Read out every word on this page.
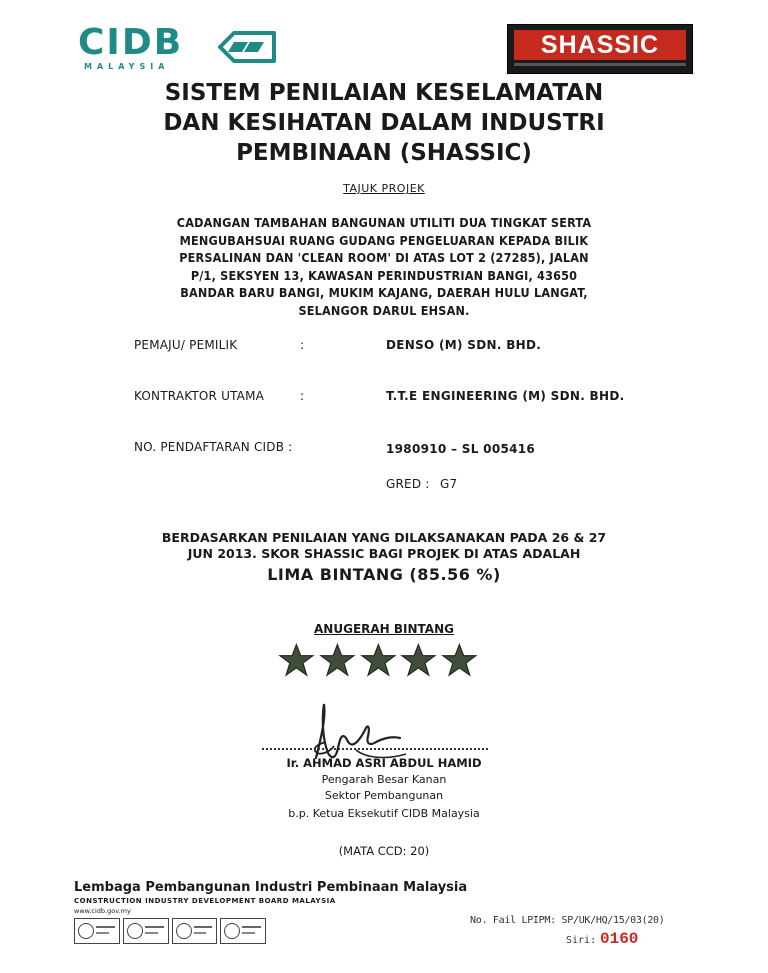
CIDB
MALAYSIA
SHASSIC
SISTEM PENILAIAN KESELAMATAN
DAN KESIHATAN DALAM INDUSTRI
PEMBINAAN (SHASSIC)
TAJUK PROJEK
CADANGAN TAMBAHAN BANGUNAN UTILITI DUA TINGKAT SERTA
MENGUBAHSUAI RUANG GUDANG PENGELUARAN KEPADA BILIK
PERSALINAN DAN 'CLEAN ROOM' DI ATAS LOT 2 (27285), JALAN
P/1, SEKSYEN 13, KAWASAN PERINDUSTRIAN BANGI, 43650
BANDAR BARU BANGI, MUKIM KAJANG, DAERAH HULU LANGAT,
SELANGOR DARUL EHSAN.
PEMAJU/ PEMILIK	:	DENSO (M) SDN. BHD.
KONTRAKTOR UTAMA	:	T.T.E ENGINEERING (M) SDN. BHD.
NO. PENDAFTARAN CIDB :	1980910 – SL 005416
GRED : G7
BERDASARKAN PENILAIAN YANG DILAKSANAKAN PADA 26 & 27
JUN 2013. SKOR SHASSIC BAGI PROJEK DI ATAS ADALAH
LIMA BINTANG (85.56 %)
ANUGERAH BINTANG
Ir. AHMAD ASRI ABDUL HAMID
Pengarah Besar Kanan
Sektor Pembangunan
b.p. Ketua Eksekutif CIDB Malaysia
(MATA CCD: 20)
Lembaga Pembangunan Industri Pembinaan Malaysia
CONSTRUCTION INDUSTRY DEVELOPMENT BOARD MALAYSIA
www.cidb.gov.my
No. Fail LPIPM: SP/UK/HQ/15/03(20)
Siri: 0160
